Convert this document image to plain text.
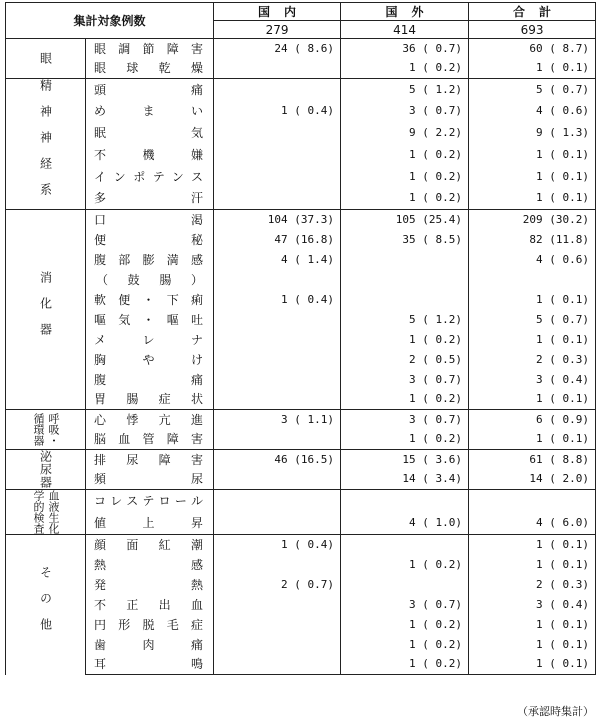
集計対象例数		国内	国外	合計
		279	414	693

眼	眼調節障害	24 ( 8.6)	36 ( 0.7)	60 ( 8.7)
	眼球乾燥		1 ( 0.2)	1 ( 0.1)

精神神経系	頭痛		5 ( 1.2)	5 ( 0.7)
	めまい	1 ( 0.4)	3 ( 0.7)	4 ( 0.6)
	眠気		9 ( 2.2)	9 ( 1.3)
	不機嫌		1 ( 0.2)	1 ( 0.1)
	インポテンス		1 ( 0.2)	1 ( 0.1)
	多汗		1 ( 0.2)	1 ( 0.1)

消化器	口渇	104 (37.3)	105 (25.4)	209 (30.2)
	便秘	47 (16.8)	35 ( 8.5)	82 (11.8)
	腹部膨満感	4 ( 1.4)		4 ( 0.6)
	（鼓腸）			
	軟便・下痢	1 ( 0.4)		1 ( 0.1)
	嘔気・嘔吐		5 ( 1.2)	5 ( 0.7)
	メレナ		1 ( 0.2)	1 ( 0.1)
	胸やけ		2 ( 0.5)	2 ( 0.3)
	腹痛		3 ( 0.7)	3 ( 0.4)
	胃腸症状		1 ( 0.2)	1 ( 0.1)

循環器 呼吸・	心悸亢進	3 ( 1.1)	3 ( 0.7)	6 ( 0.9)
	脳血管障害		1 ( 0.2)	1 ( 0.1)

泌尿器	排尿障害	46 (16.5)	15 ( 3.6)	61 ( 8.8)
	頻尿		14 ( 3.4)	14 ( 2.0)

学的検査 血液生化	コレステロール			
	値上昇		4 ( 1.0)	4 ( 6.0)

その他	顔面紅潮	1 ( 0.4)		1 ( 0.1)
	熱感		1 ( 0.2)	1 ( 0.1)
	発熱	2 ( 0.7)		2 ( 0.3)
	不正出血		3 ( 0.7)	3 ( 0.4)
	円形脱毛症		1 ( 0.2)	1 ( 0.1)
	歯肉痛		1 ( 0.2)	1 ( 0.1)
	耳鳴		1 ( 0.2)	1 ( 0.1)
（承認時集計）
